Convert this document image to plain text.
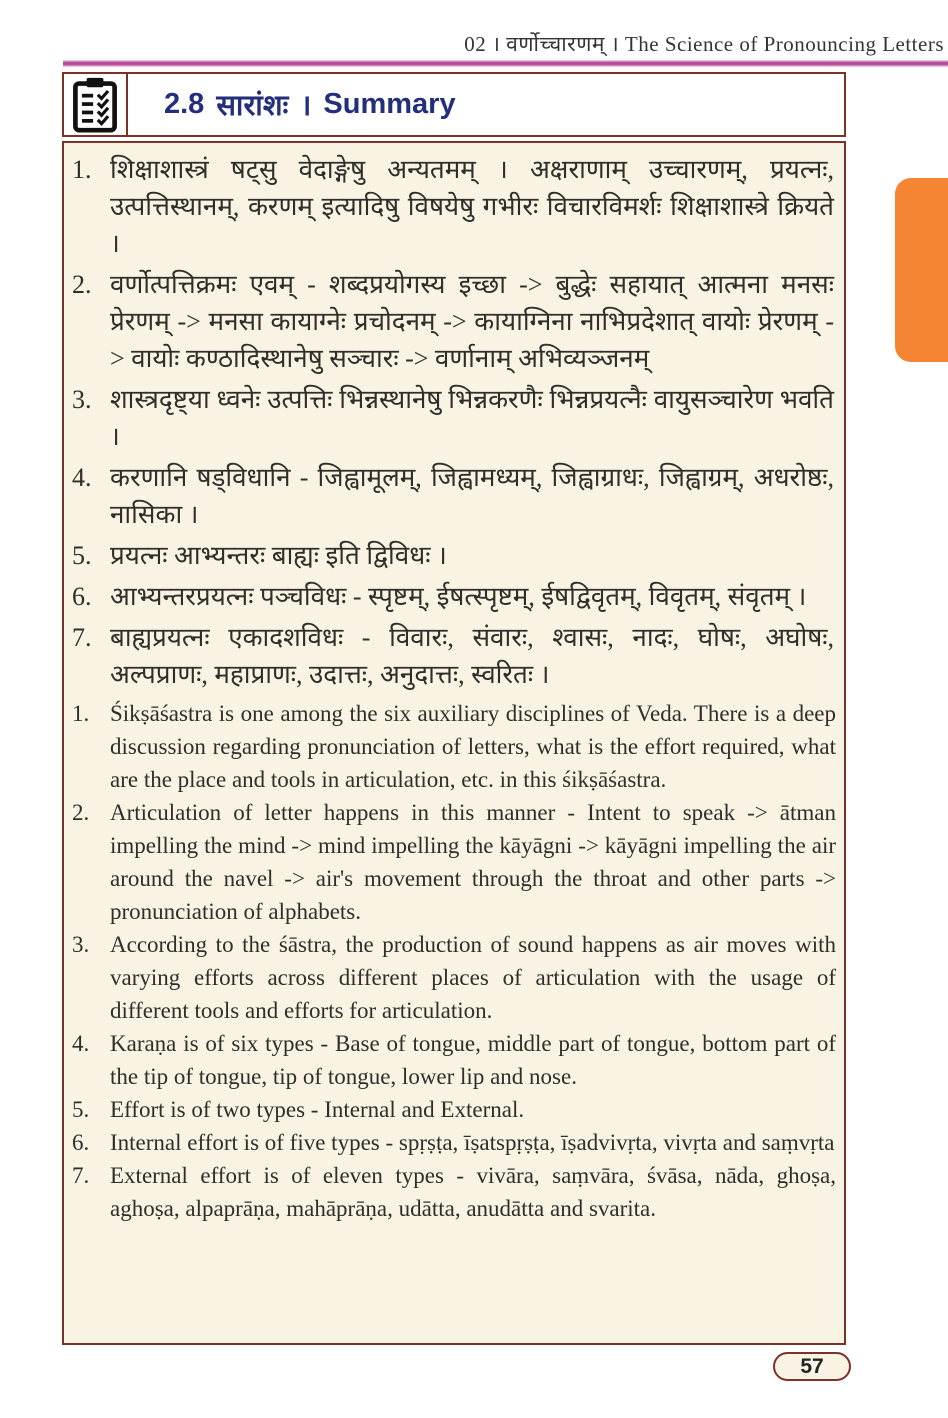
02 । वर्णोच्चारणम् । The Science of Pronouncing Letters
2.8 सारांशः । Summary
1. शिक्षाशास्त्रं षट्सु वेदाङ्गेषु अन्यतमम् । अक्षराणाम् उच्चारणम्, प्रयत्नः, उत्पत्तिस्थानम्, करणम् इत्यादिषु विषयेषु गभीरः विचारविमर्शः शिक्षाशास्त्रे क्रियते ।
2. वर्णोत्पत्तिक्रमः एवम् - शब्दप्रयोगस्य इच्छा -> बुद्धेः सहायात् आत्मना मनसः प्रेरणम् -> मनसा कायाग्नेः प्रचोदनम् -> कायाग्निना नाभिप्रदेशात् वायोः प्रेरणम् -> वायोः कण्ठादिस्थानेषु सञ्चारः -> वर्णानाम् अभिव्यञ्जनम्
3. शास्त्रदृष्ट्या ध्वनेः उत्पत्तिः भिन्नस्थानेषु भिन्नकरणैः भिन्नप्रयत्नैः वायुसञ्चारेण भवति ।
4. करणानि षड्विधानि - जिह्वामूलम्, जिह्वामध्यम्, जिह्वाग्राधः, जिह्वाग्रम्, अधरोष्ठः, नासिका ।
5. प्रयत्नः आभ्यन्तरः बाह्यः इति द्विविधः ।
6. आभ्यन्तरप्रयत्नः पञ्चविधः - स्पृष्टम्, ईषत्स्पृष्टम्, ईषद्विवृतम्, विवृतम्, संवृतम् ।
7. बाह्यप्रयत्नः एकादशविधः - विवारः, संवारः, श्वासः, नादः, घोषः, अघोषः, अल्पप्राणः, महाप्राणः, उदात्तः, अनुदात्तः, स्वरितः ।
1. Śikṣāśastra is one among the six auxiliary disciplines of Veda. There is a deep discussion regarding pronunciation of letters, what is the effort required, what are the place and tools in articulation, etc. in this śikṣāśastra.
2. Articulation of letter happens in this manner - Intent to speak -> ātman impelling the mind -> mind impelling the kāyāgni -> kāyāgni impelling the air around the navel -> air's movement through the throat and other parts -> pronunciation of alphabets.
3. According to the śāstra, the production of sound happens as air moves with varying efforts across different places of articulation with the usage of different tools and efforts for articulation.
4. Karaṇa is of six types - Base of tongue, middle part of tongue, bottom part of the tip of tongue, tip of tongue, lower lip and nose.
5. Effort is of two types - Internal and External.
6. Internal effort is of five types - spṛṣṭa, īṣatspṛṣṭa, īṣadvivṛta, vivṛta and saṃvṛta
7. External effort is of eleven types - vivāra, saṃvāra, śvāsa, nāda, ghoṣa, aghoṣa, alpaprāṇa, mahāprāṇa, udātta, anudātta and svarita.
57
